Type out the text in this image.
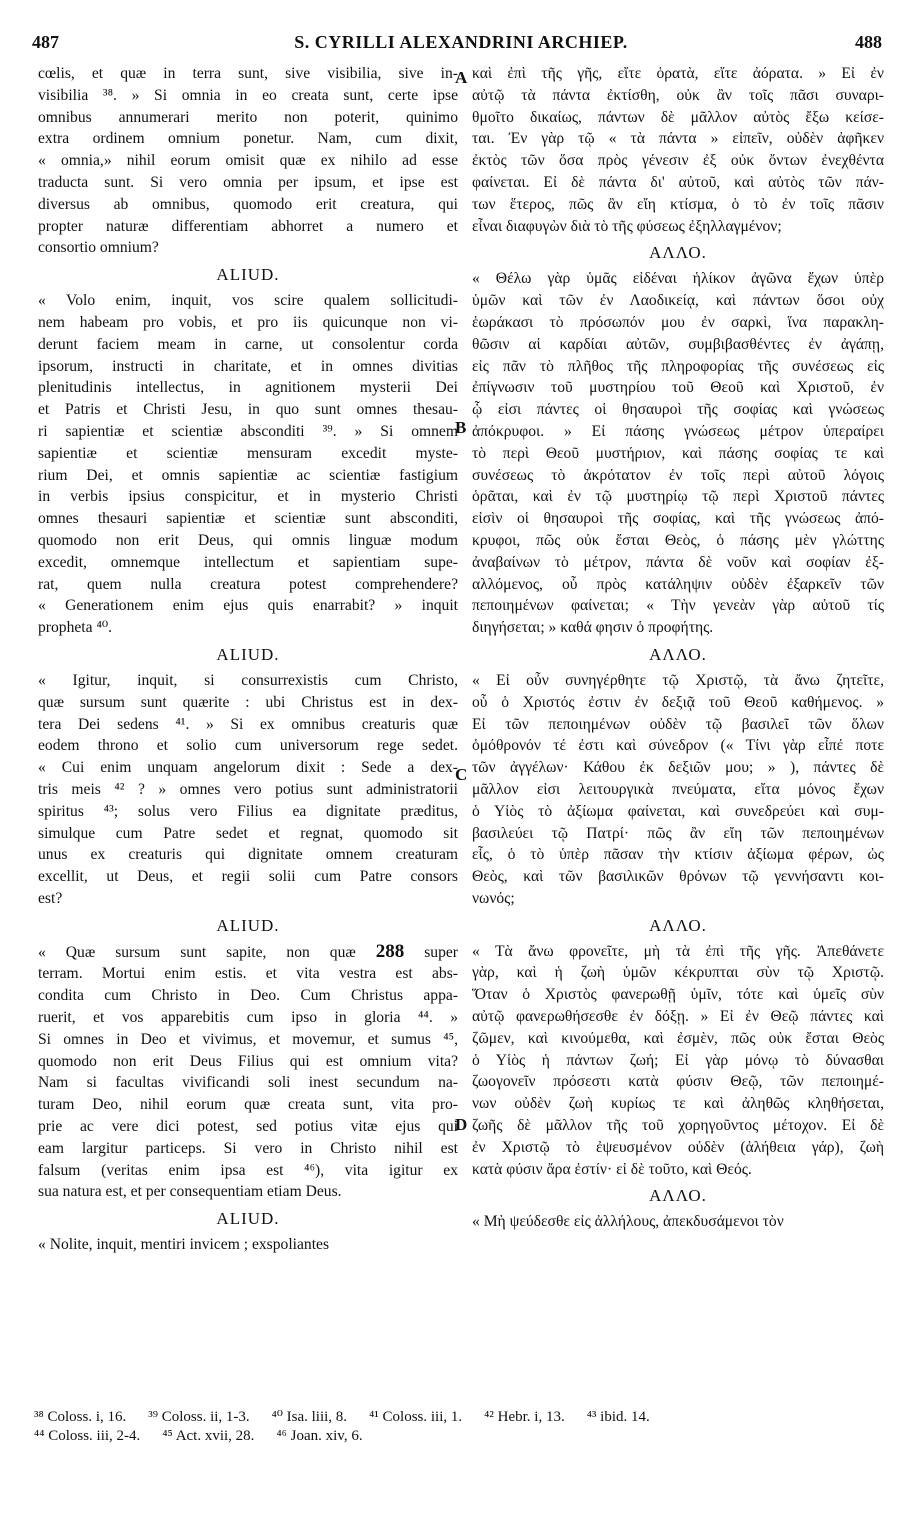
487	S. CYRILLI ALEXANDRINI ARCHIEP.	488
cœlis, et quæ in terra sunt, sive visibilia, sive in-
visibilia ³⁸. » Si omnia in eo creata sunt, certe ipse
omnibus annumerari merito non poterit, quinimo
extra ordinem omnium ponetur. Nam, cum dixit,
« omnia,» nihil eorum omisit quæ ex nihilo ad esse
traducta sunt. Si vero omnia per ipsum, et ipse est
diversus ab omnibus, quomodo erit creatura, qui
propter naturæ differentiam abhorret a numero et
consortio omnium?
ALIUD.
« Volo enim, inquit, vos scire qualem sollicitudi-
nem habeam pro vobis, et pro iis quicunque non vi-
derunt faciem meam in carne, ut consolentur corda
ipsorum, instructi in charitate, et in omnes divitias
plenitudinis intellectus, in agnitionem mysterii Dei
et Patris et Christi Jesu, in quo sunt omnes thesau-
ri sapientiæ et scientiæ absconditi ³⁹. » Si omnem
sapientiæ et scientiæ mensuram excedit myste-
rium Dei, et omnis sapientiæ ac scientiæ fastigium
in verbis ipsius conspicitur, et in mysterio Christi
omnes thesauri sapientiæ et scientiæ sunt absconditi,
quomodo non erit Deus, qui omnis linguæ modum
excedit, omnemque intellectum et sapientiam supe-
rat, quem nulla creatura potest comprehendere?
« Generationem enim ejus quis enarrabit? » inquit
propheta ⁴⁰.
ALIUD.
« Igitur, inquit, si consurrexistis cum Christo,
quæ sursum sunt quærite : ubi Christus est in dex-
tera Dei sedens ⁴¹. » Si ex omnibus creaturis quæ
eodem throno et solio cum universorum rege sedet.
« Cui enim unquam angelorum dixit : Sede a dex-
tris meis ⁴² ? » omnes vero potius sunt administratorii
spiritus ⁴³; solus vero Filius ea dignitate præditus,
simulque cum Patre sedet et regnat, quomodo sit
unus ex creaturis qui dignitate omnem creaturam
excellit, ut Deus, et regii solii cum Patre consors
est?
ALIUD.
« Quæ sursum sunt sapite, non quæ 288 super
terram. Mortui enim estis. et vita vestra est abs-
condita cum Christo in Deo. Cum Christus appa-
ruerit, et vos apparebitis cum ipso in gloria ⁴⁴. »
Si omnes in Deo et vivimus, et movemur, et sumus ⁴⁵,
quomodo non erit Deus Filius qui est omnium vita?
Nam si facultas vivificandi soli inest secundum na-
turam Deo, nihil eorum quæ creata sunt, vita pro-
prie ac vere dici potest, sed potius vitæ ejus qui
eam largitur particeps. Si vero in Christo nihil est
falsum (veritas enim ipsa est ⁴⁶), vita igitur ex
sua natura est, et per consequentiam etiam Deus.
ALIUD.
« Nolite, inquit, mentiri invicem ; exspoliantes
καὶ ἐπὶ τῆς γῆς, εἴτε ὁρατὰ, εἴτε ἀόρατα. » Εἰ ἐν
αὐτῷ τὰ πάντα ἐκτίσθη, οὐκ ἂν τοῖς πᾶσι συναρι-
θμοῖτο δικαίως, πάντων δὲ μᾶλλον αὐτὸς ἔξω κείσε-
ται. Ἐν γὰρ τῷ « τὰ πάντα » εἰπεῖν, οὐδὲν ἀφῆκεν
ἐκτὸς τῶν ὅσα πρὸς γένεσιν ἐξ οὐκ ὄντων ἐνεχθέντα
φαίνεται. Εἰ δὲ πάντα δι' αὐτοῦ, καὶ αὐτὸς τῶν πάν-
των ἕτερος, πῶς ἂν εἴη κτίσμα, ὁ τὸ ἐν τοῖς πᾶσιν
εἶναι διαφυγὼν διὰ τὸ τῆς φύσεως ἐξηλλαγμένον;
ΑΛΛΟ.
« Θέλω γὰρ ὑμᾶς εἰδέναι ἡλίκον ἀγῶνα ἔχων ὑπὲρ
ὑμῶν καὶ τῶν ἐν Λαοδικείᾳ, καὶ πάντων ὅσοι οὐχ
ἑωράκασι τὸ πρόσωπόν μου ἐν σαρκὶ, ἵνα παρακλη-
θῶσιν αἱ καρδίαι αὐτῶν, συμβιβασθέντες ἐν ἀγάπῃ,
εἰς πᾶν τὸ πλῆθος τῆς πληροφορίας τῆς συνέσεως εἰς
ἐπίγνωσιν τοῦ μυστηρίου τοῦ Θεοῦ καὶ Χριστοῦ, ἐν
ᾧ εἰσι πάντες οἱ θησαυροὶ τῆς σοφίας καὶ γνώσεως
ἀπόκρυφοι. » Εἰ πάσης γνώσεως μέτρον ὑπεραίρει
τὸ περὶ Θεοῦ μυστήριον, καὶ πάσης σοφίας τε καὶ
συνέσεως τὸ ἀκρότατον ἐν τοῖς περὶ αὐτοῦ λόγοις
ὁρᾶται, καὶ ἐν τῷ μυστηρίῳ τῷ περὶ Χριστοῦ πάντες
εἰσὶν οἱ θησαυροὶ τῆς σοφίας, καὶ τῆς γνώσεως ἀπό-
κρυφοι, πῶς οὐκ ἔσται Θεὸς, ὁ πάσης μὲν γλώττης
ἀναβαίνων τὸ μέτρον, πάντα δὲ νοῦν καὶ σοφίαν ἐξ-
αλλόμενος, οὗ πρὸς κατάληψιν οὐδὲν ἐξαρκεῖν τῶν
πεποιημένων φαίνεται; « Τὴν γενεὰν γὰρ αὐτοῦ τίς
διηγήσεται; » καθά φησιν ὁ προφήτης.
ΑΛΛΟ.
« Εἰ οὖν συνηγέρθητε τῷ Χριστῷ, τὰ ἄνω ζητεῖτε,
οὗ ὁ Χριστός ἐστιν ἐν δεξιᾷ τοῦ Θεοῦ καθήμενος. »
Εἰ τῶν πεποιημένων οὐδὲν τῷ βασιλεῖ τῶν ὅλων
ὁμόθρονόν τέ ἐστι καὶ σύνεδρον (« Τίνι γὰρ εἶπέ ποτε
τῶν ἀγγέλων· Κάθου ἐκ δεξιῶν μου; » ), πάντες δὲ
μᾶλλον εἰσι λειτουργικὰ πνεύματα, εἴτα μόνος ἔχων
ὁ Υἱὸς τὸ ἀξίωμα φαίνεται, καὶ συνεδρεύει καὶ συμ-
βασιλεύει τῷ Πατρί· πῶς ἂν εἴη τῶν πεποιημένων
εἷς, ὁ τὸ ὑπὲρ πᾶσαν τὴν κτίσιν ἀξίωμα φέρων, ὡς
Θεὸς, καὶ τῶν βασιλικῶν θρόνων τῷ γεννήσαντι κοι-
νωνός;
ΑΛΛΟ.
« Τὰ ἄνω φρονεῖτε, μὴ τὰ ἐπὶ τῆς γῆς. Ἀπεθάνετε
γὰρ, καὶ ἡ ζωὴ ὑμῶν κέκρυπται σὺν τῷ Χριστῷ.
Ὅταν ὁ Χριστὸς φανερωθῇ ὑμῖν, τότε καὶ ὑμεῖς σὺν
αὐτῷ φανερωθήσεσθε ἐν δόξῃ. » Εἰ ἐν Θεῷ πάντες καὶ
ζῶμεν, καὶ κινούμεθα, καὶ ἐσμὲν, πῶς οὐκ ἔσται Θεὸς
ὁ Υἱὸς ἡ πάντων ζωή; Εἰ γὰρ μόνῳ τὸ δύνασθαι
ζωογονεῖν πρόσεστι κατὰ φύσιν Θεῷ, τῶν πεποιημέ-
νων οὐδὲν ζωὴ κυρίως τε καὶ ἀληθῶς κληθήσεται,
ζωῆς δὲ μᾶλλον τῆς τοῦ χορηγοῦντος μέτοχον. Εἰ δὲ
ἐν Χριστῷ τὸ ἐψευσμένον οὐδὲν (ἀλήθεια γάρ), ζωὴ
κατὰ φύσιν ἄρα ἐστίν· εἰ δὲ τοῦτο, καὶ Θεός.
ΑΛΛΟ.
« Μὴ ψεύδεσθε εἰς ἀλλήλους, ἀπεκδυσάμενοι τὸν
A
B
C
D
³⁸ Coloss. i, 16. ³⁹ Coloss. ii, 1-3. ⁴⁰ Isa. liii, 8. ⁴¹ Coloss. iii, 1. ⁴² Hebr. i, 13. ⁴³ ibid. 14.
⁴⁴ Coloss. iii, 2-4. ⁴⁵ Act. xvii, 28. ⁴⁶ Joan. xiv, 6.
